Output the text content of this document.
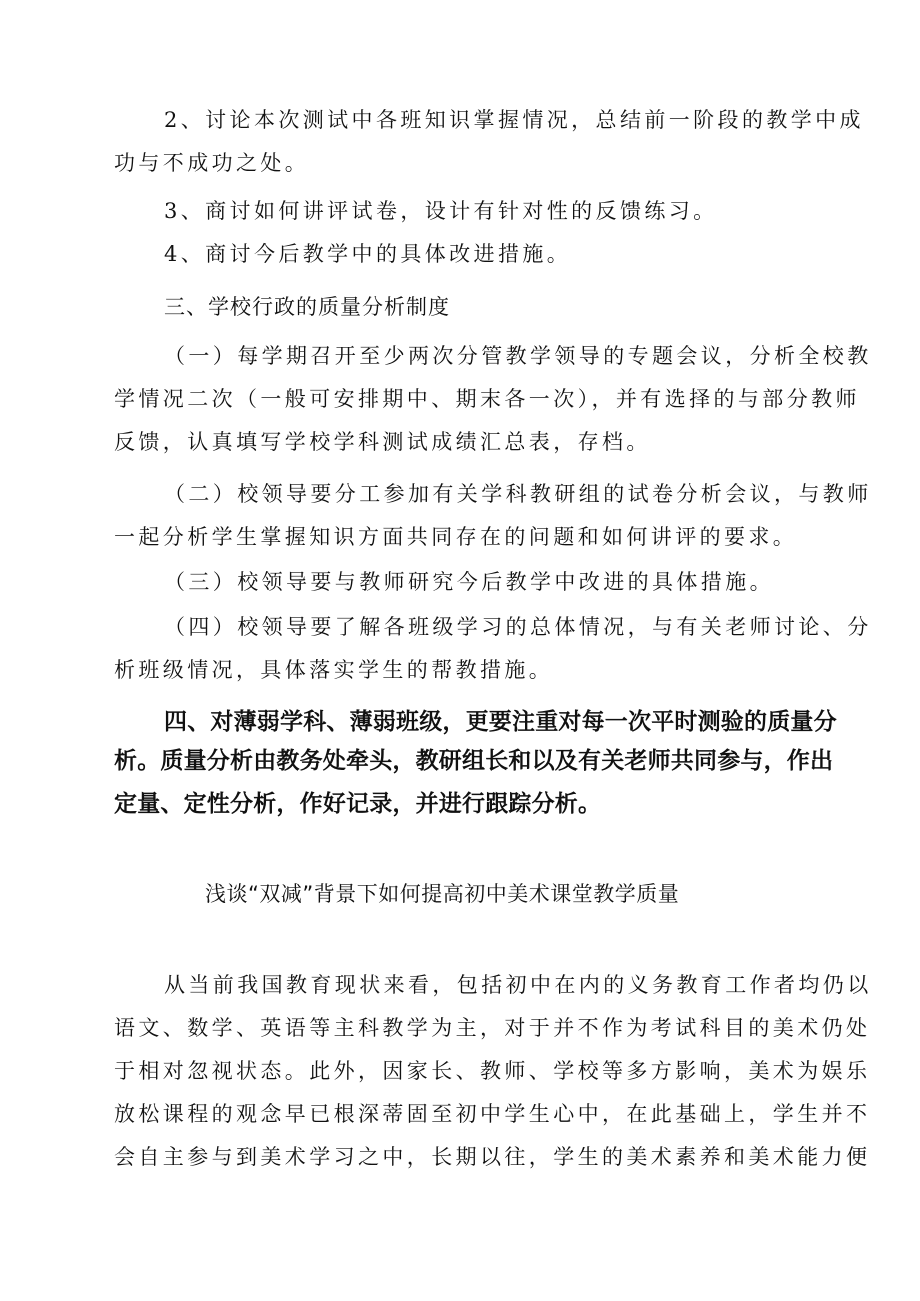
2、讨论本次测试中各班知识掌握情况，总结前一阶段的教学中成
功与不成功之处。
3、商讨如何讲评试卷，设计有针对性的反馈练习。
4、商讨今后教学中的具体改进措施。
三、学校行政的质量分析制度
（一）每学期召开至少两次分管教学领导的专题会议，分析全校教
学情况二次（一般可安排期中、期末各一次），并有选择的与部分教师
反馈，认真填写学校学科测试成绩汇总表，存档。
（二）校领导要分工参加有关学科教研组的试卷分析会议，与教师
一起分析学生掌握知识方面共同存在的问题和如何讲评的要求。
（三）校领导要与教师研究今后教学中改进的具体措施。
（四）校领导要了解各班级学习的总体情况，与有关老师讨论、分
析班级情况，具体落实学生的帮教措施。
四、对薄弱学科、薄弱班级，更要注重对每一次平时测验的质量分
析。质量分析由教务处牵头，教研组长和以及有关老师共同参与，作出
定量、定性分析，作好记录，并进行跟踪分析。
浅谈“双减”背景下如何提高初中美术课堂教学质量
从当前我国教育现状来看，包括初中在内的义务教育工作者均仍以
语文、数学、英语等主科教学为主，对于并不作为考试科目的美术仍处
于相对忽视状态。此外，因家长、教师、学校等多方影响，美术为娱乐
放松课程的观念早已根深蒂固至初中学生心中，在此基础上，学生并不
会自主参与到美术学习之中，长期以往，学生的美术素养和美术能力便
